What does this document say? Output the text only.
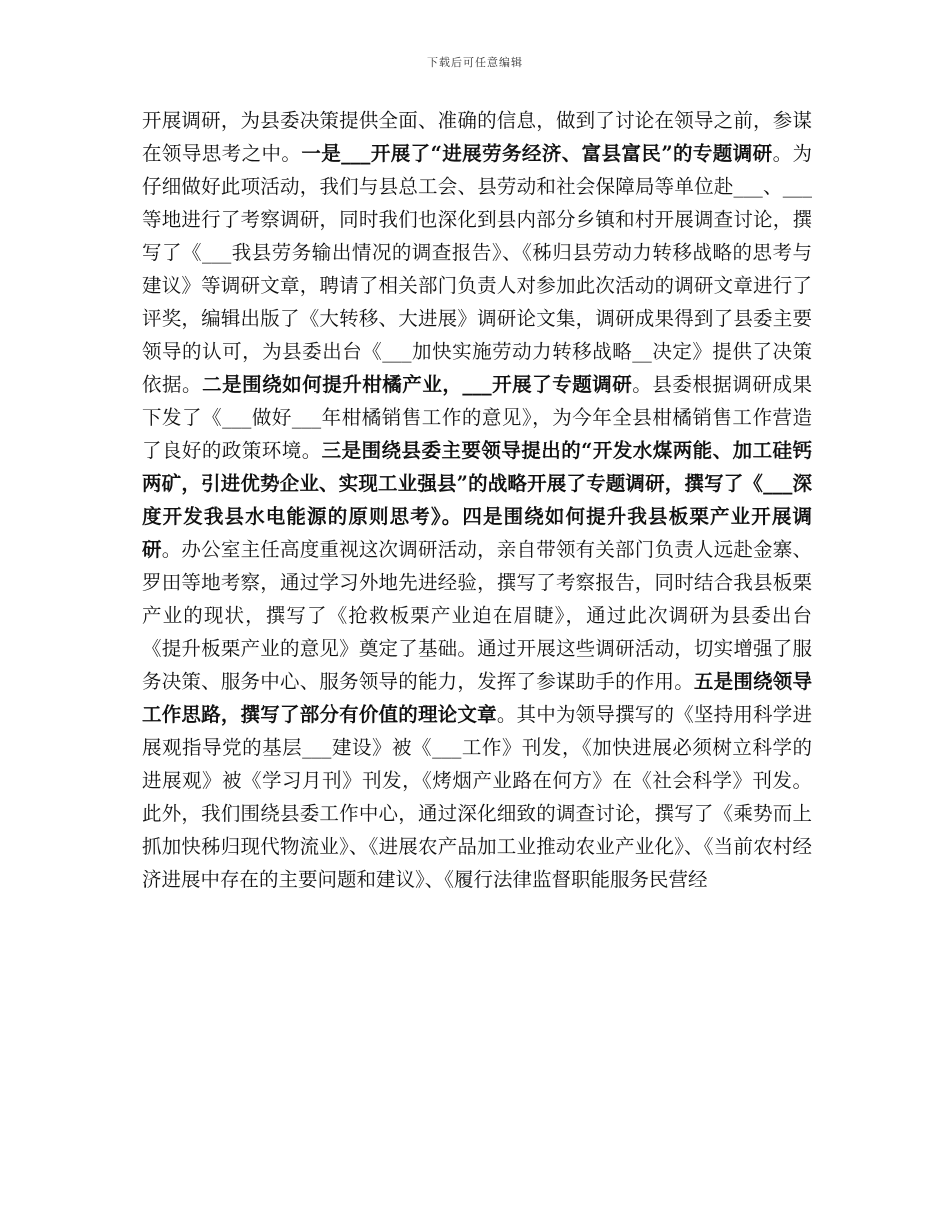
下载后可任意编辑

开展调研，为县委决策提供全面、准确的信息，做到了讨论在领导之前，参谋在领导思考之中。一是___开展了“进展劳务经济、富县富民”的专题调研。为仔细做好此项活动，我们与县总工会、县劳动和社会保障局等单位赴___、___等地进行了考察调研，同时我们也深化到县内部分乡镇和村开展调查讨论，撰写了《___我县劳务输出情况的调查报告》、《秭归县劳动力转移战略的思考与建议》等调研文章，聘请了相关部门负责人对参加此次活动的调研文章进行了评奖，编辑出版了《大转移、大进展》调研论文集，调研成果得到了县委主要领导的认可，为县委出台《___加快实施劳动力转移战略__决定》提供了决策依据。二是围绕如何提升柑橘产业，___开展了专题调研。县委根据调研成果下发了《___做好___年柑橘销售工作的意见》，为今年全县柑橘销售工作营造了良好的政策环境。三是围绕县委主要领导提出的“开发水煤两能、加工硅钙两矿，引进优势企业、实现工业强县”的战略开展了专题调研，撰写了《___深度开发我县水电能源的原则思考》。四是围绕如何提升我县板栗产业开展调研。办公室主任高度重视这次调研活动，亲自带领有关部门负责人远赴金寨、罗田等地考察，通过学习外地先进经验，撰写了考察报告，同时结合我县板栗产业的现状，撰写了《抢救板栗产业迫在眉睫》，通过此次调研为县委出台《提升板栗产业的意见》奠定了基础。通过开展这些调研活动，切实增强了服务决策、服务中心、服务领导的能力，发挥了参谋助手的作用。五是围绕领导工作思路，撰写了部分有价值的理论文章。其中为领导撰写的《坚持用科学进展观指导党的基层___建设》被《___工作》刊发，《加快进展必须树立科学的进展观》被《学习月刊》刊发，《烤烟产业路在何方》在《社会科学》刊发。此外，我们围绕县委工作中心，通过深化细致的调查讨论，撰写了《乘势而上抓加快秭归现代物流业》、《进展农产品加工业推动农业产业化》、《当前农村经济进展中存在的主要问题和建议》、《履行法律监督职能服务民营经
